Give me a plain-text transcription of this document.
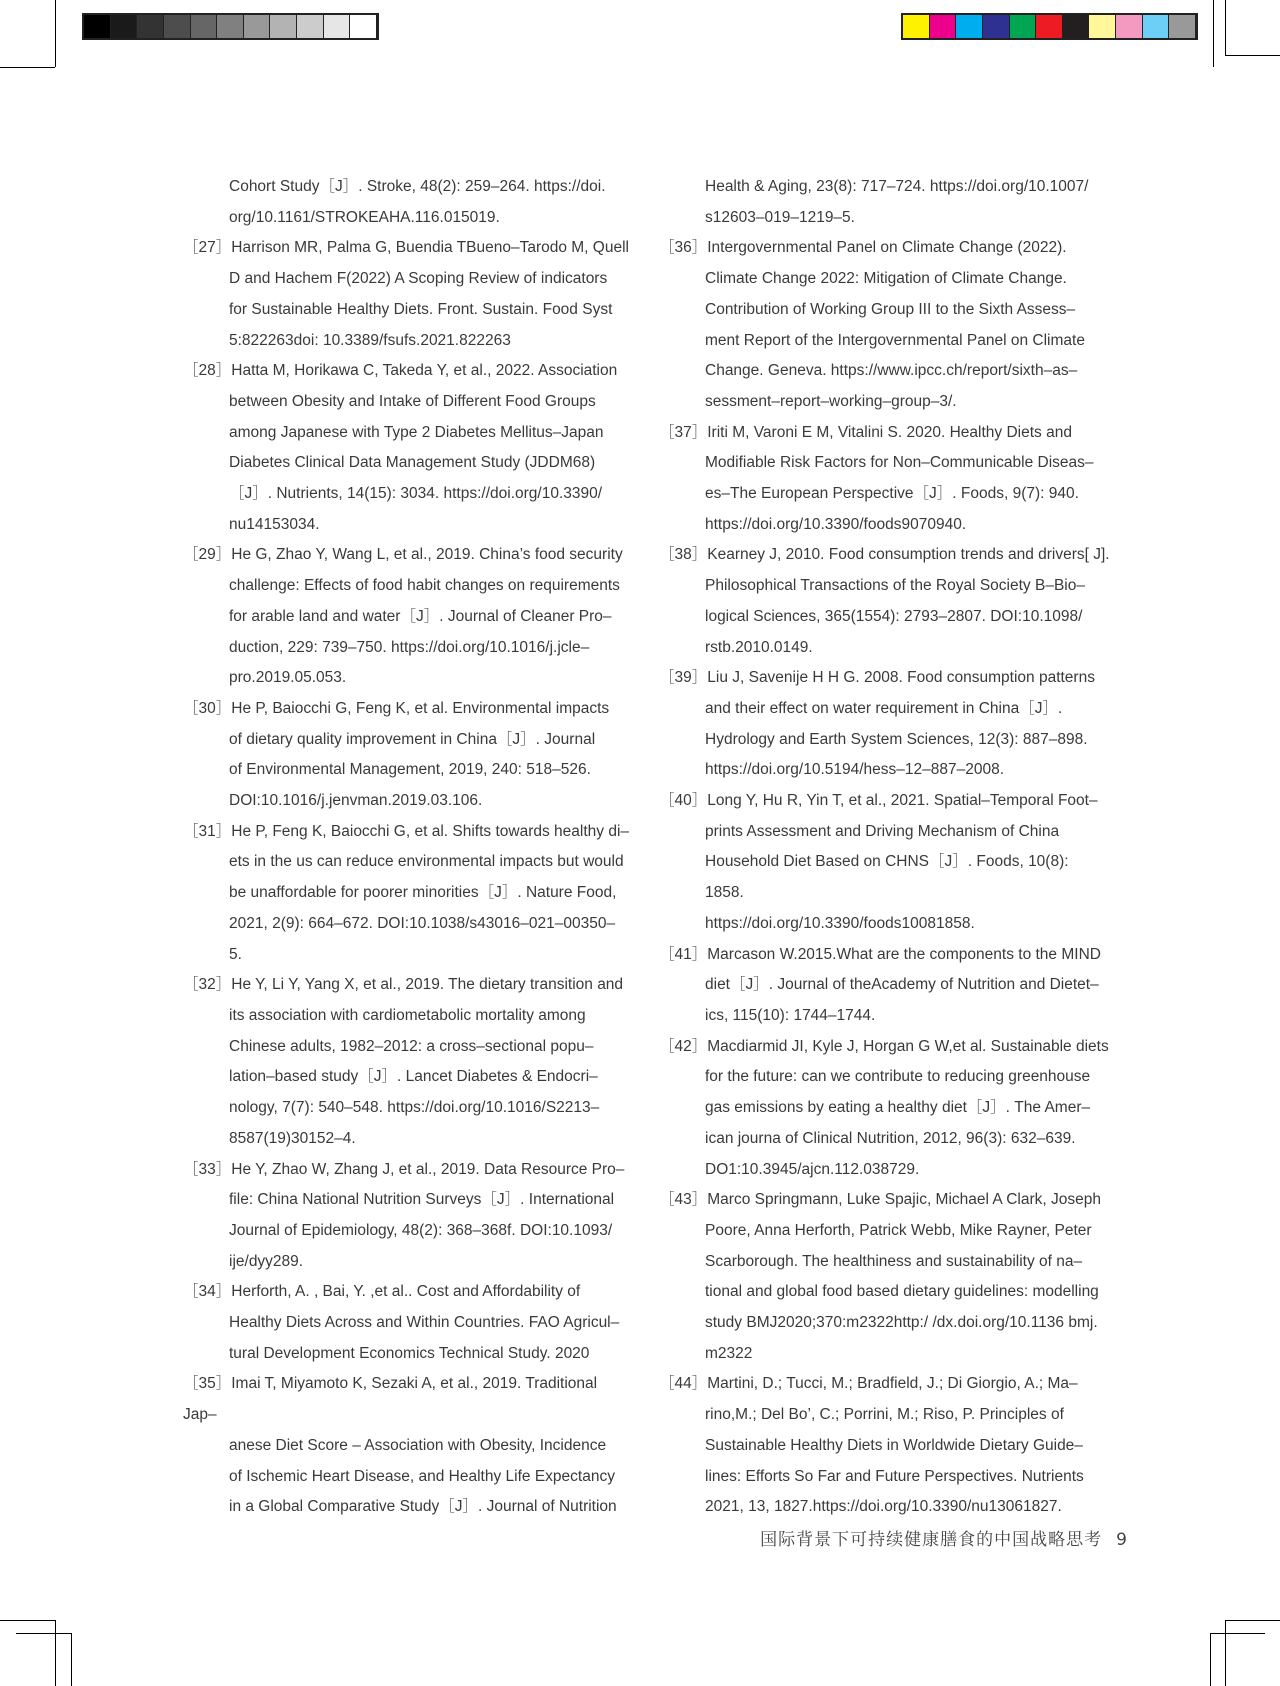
Cohort Study［J］. Stroke, 48(2): 259–264. https://doi.
org/10.1161/STROKEAHA.116.015019.
［27］Harrison MR, Palma G, Buendia TBueno–Tarodo M, Quell
D and Hachem F(2022) A Scoping Review of indicators
for Sustainable Healthy Diets. Front. Sustain. Food Syst
5:822263doi: 10.3389/fsufs.2021.822263
［28］Hatta M, Horikawa C, Takeda Y, et al., 2022. Association
between Obesity and Intake of Different Food Groups
among Japanese with Type 2 Diabetes Mellitus–Japan
Diabetes Clinical Data Management Study (JDDM68)
［J］. Nutrients, 14(15): 3034. https://doi.org/10.3390/
nu14153034.
［29］He G, Zhao Y, Wang L, et al., 2019. China’s food security
challenge: Effects of food habit changes on requirements
for arable land and water［J］. Journal of Cleaner Pro–
duction, 229: 739–750. https://doi.org/10.1016/j.jcle–
pro.2019.05.053.
［30］He P, Baiocchi G, Feng K, et al. Environmental impacts
of dietary quality improvement in China［J］. Journal
of Environmental Management, 2019, 240: 518–526.
DOI:10.1016/j.jenvman.2019.03.106.
［31］He P, Feng K, Baiocchi G, et al. Shifts towards healthy di–
ets in the us can reduce environmental impacts but would
be unaffordable for poorer minorities［J］. Nature Food,
2021, 2(9): 664–672. DOI:10.1038/s43016–021–00350–
5.
［32］He Y, Li Y, Yang X, et al., 2019. The dietary transition and
its association with cardiometabolic mortality among
Chinese adults, 1982–2012: a cross–sectional popu–
lation–based study［J］. Lancet Diabetes & Endocri–
nology, 7(7): 540–548. https://doi.org/10.1016/S2213–
8587(19)30152–4.
［33］He Y, Zhao W, Zhang J, et al., 2019. Data Resource Pro–
file: China National Nutrition Surveys［J］. International
Journal of Epidemiology, 48(2): 368–368f. DOI:10.1093/
ije/dyy289.
［34］Herforth, A. , Bai, Y. ,et al.. Cost and Affordability of
Healthy Diets Across and Within Countries. FAO Agricul–
tural Development Economics Technical Study. 2020
［35］Imai T, Miyamoto K, Sezaki A, et al., 2019. Traditional Jap–
anese Diet Score – Association with Obesity, Incidence
of Ischemic Heart Disease, and Healthy Life Expectancy
in a Global Comparative Study［J］. Journal of Nutrition
Health & Aging, 23(8): 717–724. https://doi.org/10.1007/
s12603–019–1219–5.
［36］Intergovernmental Panel on Climate Change (2022).
Climate Change 2022: Mitigation of Climate Change.
Contribution of Working Group III to the Sixth Assess–
ment Report of the Intergovernmental Panel on Climate
Change. Geneva. https://www.ipcc.ch/report/sixth–as–
sessment–report–working–group–3/.
［37］Iriti M, Varoni E M, Vitalini S. 2020. Healthy Diets and
Modifiable Risk Factors for Non–Communicable Diseas–
es–The European Perspective［J］. Foods, 9(7): 940.
https://doi.org/10.3390/foods9070940.
［38］Kearney J, 2010. Food consumption trends and drivers[ J].
Philosophical Transactions of the Royal Society B–Bio–
logical Sciences, 365(1554): 2793–2807. DOI:10.1098/
rstb.2010.0149.
［39］Liu J, Savenije H H G. 2008. Food consumption patterns
and their effect on water requirement in China［J］.
Hydrology and Earth System Sciences, 12(3): 887–898.
https://doi.org/10.5194/hess–12–887–2008.
［40］Long Y, Hu R, Yin T, et al., 2021. Spatial–Temporal Foot–
prints Assessment and Driving Mechanism of China
Household Diet Based on CHNS［J］. Foods, 10(8): 1858.
https://doi.org/10.3390/foods10081858.
［41］Marcason W.2015.What are the components to the MIND
diet［J］. Journal of theAcademy of Nutrition and Dietet–
ics, 115(10): 1744–1744.
［42］Macdiarmid JI, Kyle J, Horgan G W,et al. Sustainable diets
for the future: can we contribute to reducing greenhouse
gas emissions by eating a healthy diet［J］. The Amer–
ican journa of Clinical Nutrition, 2012, 96(3): 632–639.
DO1:10.3945/ajcn.112.038729.
［43］Marco Springmann, Luke Spajic, Michael A Clark, Joseph
Poore, Anna Herforth, Patrick Webb, Mike Rayner, Peter
Scarborough. The healthiness and sustainability of na–
tional and global food based dietary guidelines: modelling
study BMJ2020;370:m2322http:/ /dx.doi.org/10.1136 bmj.
m2322
［44］Martini, D.; Tucci, M.; Bradfield, J.; Di Giorgio, A.; Ma–
rino,M.; Del Bo’, C.; Porrini, M.; Riso, P. Principles of
Sustainable Healthy Diets in Worldwide Dietary Guide–
lines: Efforts So Far and Future Perspectives. Nutrients
2021, 13, 1827.https://doi.org/10.3390/nu13061827.
国际背景下可持续健康膳食的中国战略思考 9
